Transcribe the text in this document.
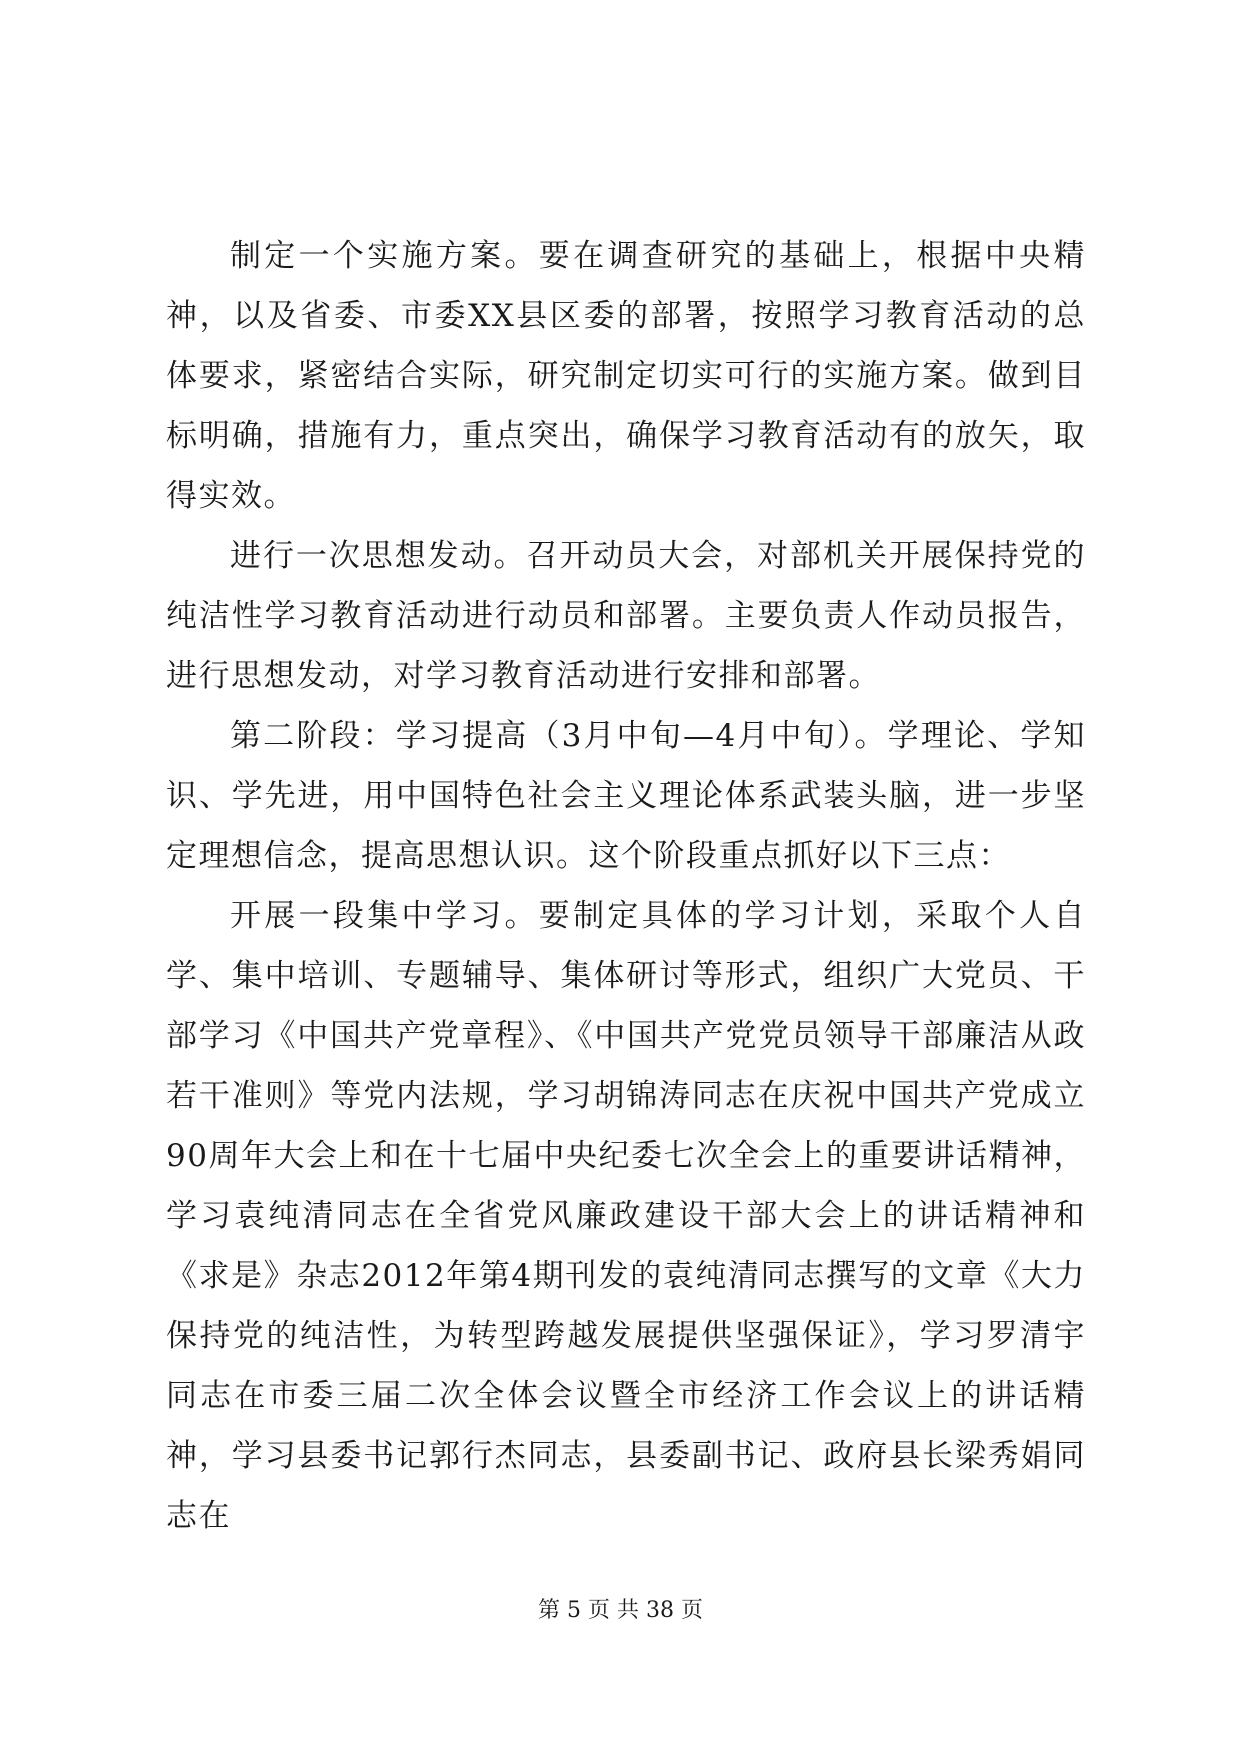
制定一个实施方案。要在调查研究的基础上，根据中央精神，以及省委、市委XX县区委的部署，按照学习教育活动的总体要求，紧密结合实际，研究制定切实可行的实施方案。做到目标明确，措施有力，重点突出，确保学习教育活动有的放矢，取得实效。

进行一次思想发动。召开动员大会，对部机关开展保持党的纯洁性学习教育活动进行动员和部署。主要负责人作动员报告，进行思想发动，对学习教育活动进行安排和部署。

第二阶段：学习提高（3月中旬—4月中旬）。学理论、学知识、学先进，用中国特色社会主义理论体系武装头脑，进一步坚定理想信念，提高思想认识。这个阶段重点抓好以下三点：

开展一段集中学习。要制定具体的学习计划，采取个人自学、集中培训、专题辅导、集体研讨等形式，组织广大党员、干部学习《中国共产党章程》、《中国共产党党员领导干部廉洁从政若干准则》等党内法规，学习胡锦涛同志在庆祝中国共产党成立90周年大会上和在十七届中央纪委七次全会上的重要讲话精神，学习袁纯清同志在全省党风廉政建设干部大会上的讲话精神和《求是》杂志2012年第4期刊发的袁纯清同志撰写的文章《大力保持党的纯洁性，为转型跨越发展提供坚强保证》，学习罗清宇同志在市委三届二次全体会议暨全市经济工作会议上的讲话精神，学习县委书记郭行杰同志，县委副书记、政府县长梁秀娟同志在

第 5 页 共 38 页
